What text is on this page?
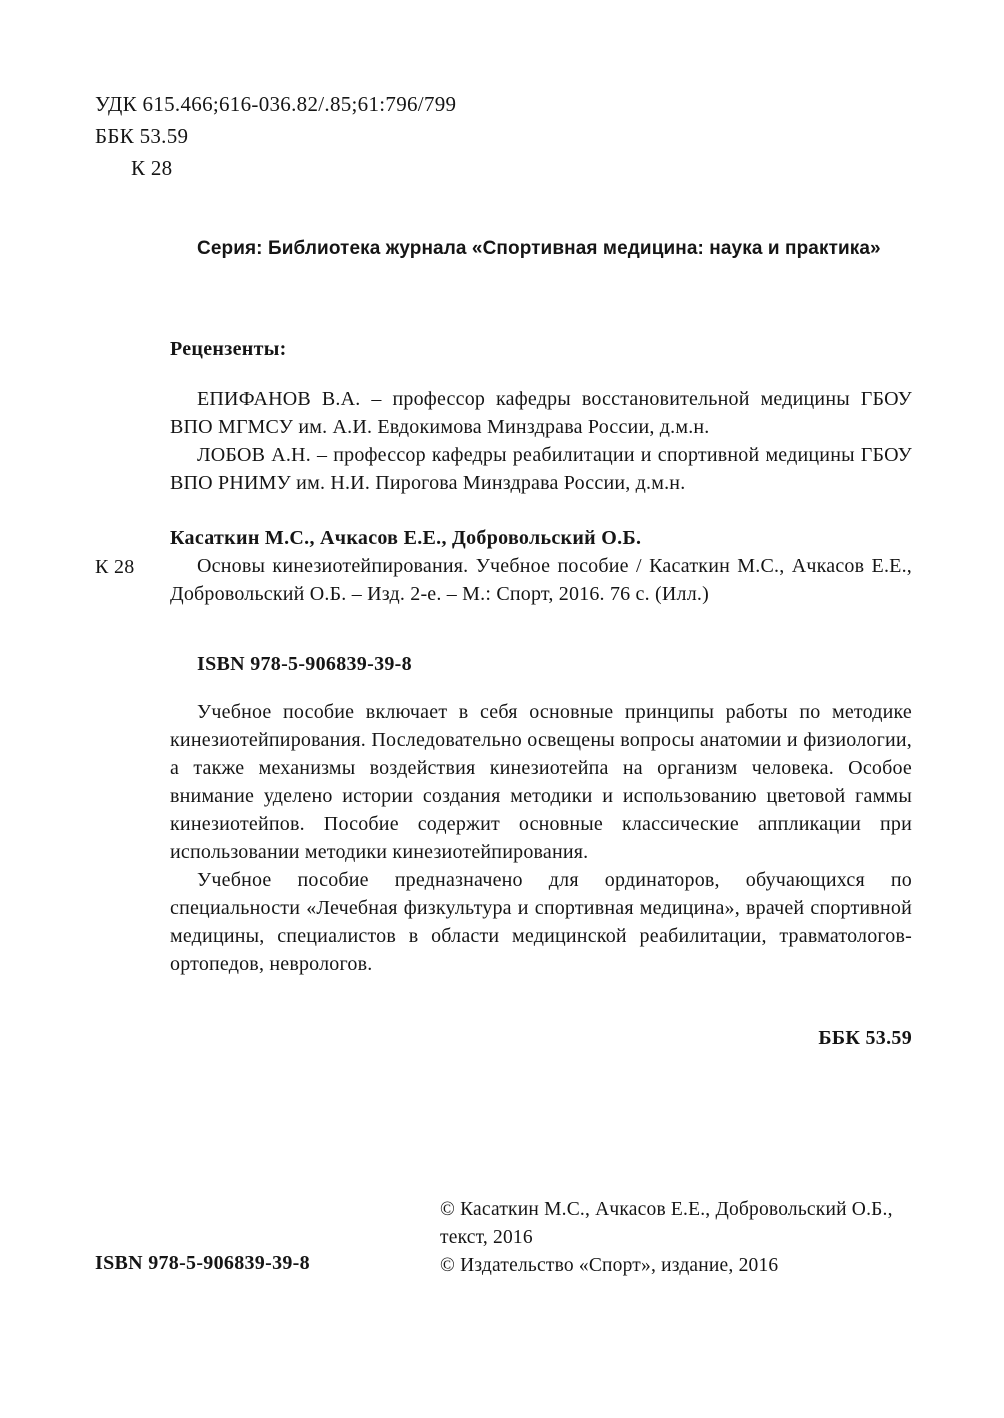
УДК 615.466;616-036.82/.85;61:796/799
ББК 53.59
К 28
Серия: Библиотека журнала «Спортивная медицина: наука и практика»
Рецензенты:

ЕПИФАНОВ В.А. – профессор кафедры восстановительной медицины ГБОУ ВПО МГМСУ им. А.И. Евдокимова Минздрава России, д.м.н.

ЛОБОВ А.Н. – профессор кафедры реабилитации и спортивной медицины ГБОУ ВПО РНИМУ им. Н.И. Пирогова Минздрава России, д.м.н.

Касаткин М.С., Ачкасов Е.Е., Добровольский О.Б.
К 28	Основы кинезиотейпирования. Учебное пособие / Касаткин М.С., Ачкасов Е.Е., Добровольский О.Б. – Изд. 2-е. – М.: Спорт, 2016. 76 с. (Илл.)

ISBN 978-5-906839-39-8

Учебное пособие включает в себя основные принципы работы по методике кинезиотейпирования. Последовательно освещены вопросы анатомии и физиологии, а также механизмы воздействия кинезиотейпа на организм человека. Особое внимание уделено истории создания методики и использованию цветовой гаммы кинезиотейпов. Пособие содержит основные классические аппликации при использовании методики кинезиотейпирования.

Учебное пособие предназначено для ординаторов, обучающихся по специальности «Лечебная физкультура и спортивная медицина», врачей спортивной медицины, специалистов в области медицинской реабилитации, травматологов-ортопедов, неврологов.

ББК 53.59
© Касаткин М.С., Ачкасов Е.Е., Добровольский О.Б.,
текст, 2016
© Издательство «Спорт», издание, 2016
ISBN 978-5-906839-39-8
